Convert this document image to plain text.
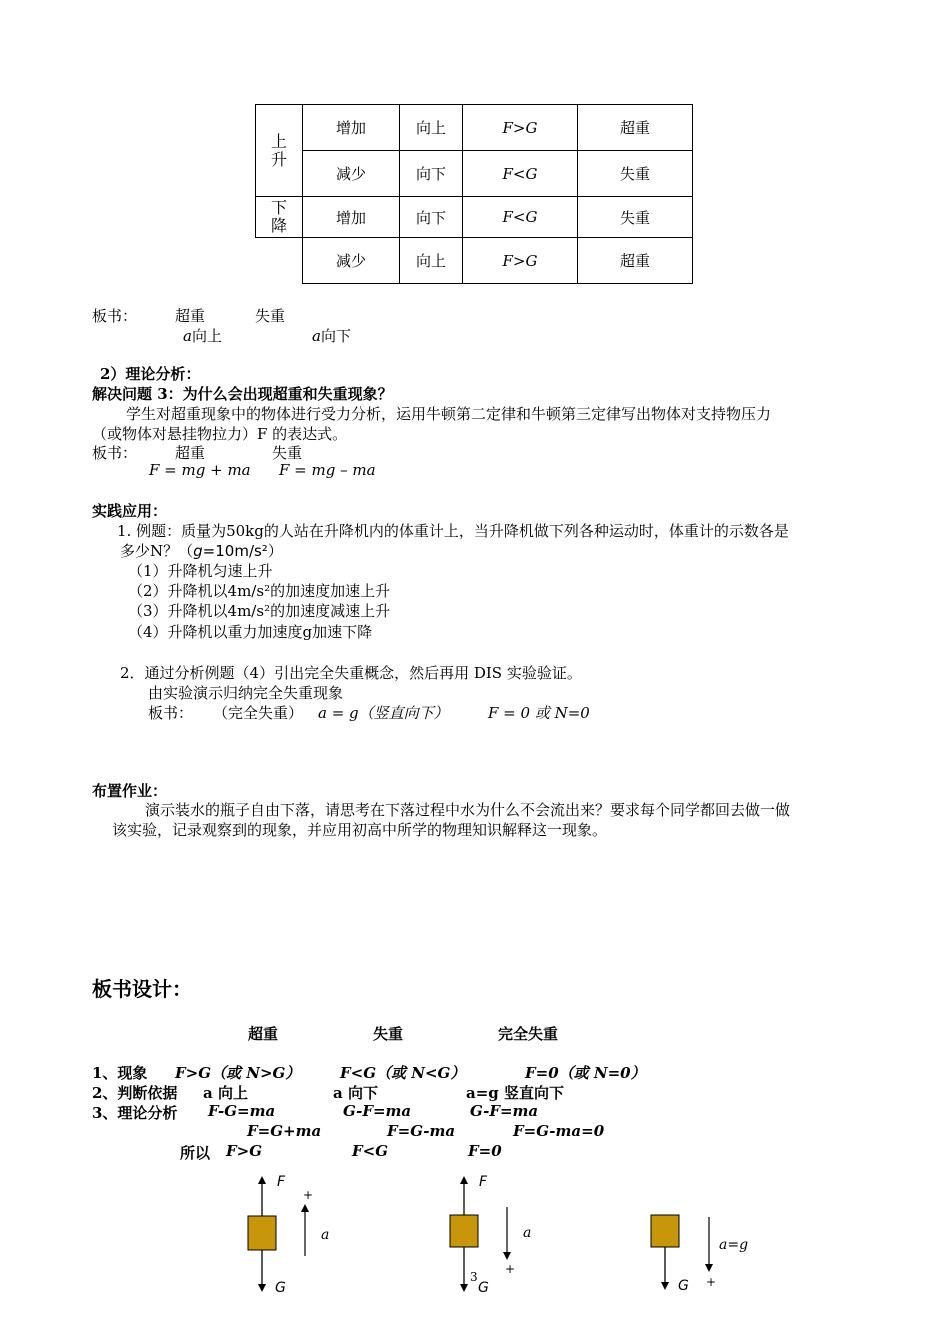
上升	增加	向上	F>G	超重
	减少	向下	F<G	失重
下降	增加	向下	F<G	失重
	减少	向上	F>G	超重
板书：	超重	失重
a向上	a向下
2）理论分析：
解决问题 3：为什么会出现超重和失重现象？
学生对超重现象中的物体进行受力分析，运用牛顿第二定律和牛顿第三定律写出物体对支持物压力
（或物体对悬挂物拉力）F 的表达式。
板书：	超重	失重
F = mg + ma F = mg – ma
实践应用：
1. 例题：质量为50kg的人站在升降机内的体重计上，当升降机做下列各种运动时，体重计的示数各是
多少N？（g=10m/s²）
（1）升降机匀速上升
（2）升降机以4m/s²的加速度加速上升
（3）升降机以4m/s²的加速度减速上升
（4）升降机以重力加速度g加速下降
2．通过分析例题（4）引出完全失重概念，然后再用 DIS 实验验证。
由实验演示归纳完全失重现象
板书： （完全失重） a = g（竖直向下）	F = 0 或 N=0
布置作业：
演示装水的瓶子自由下落，请思考在下落过程中水为什么不会流出来？要求每个同学都回去做一做
该实验，记录观察到的现象，并应用初高中所学的物理知识解释这一现象。
板书设计：
超重	失重	完全失重
1、现象 F>G（或 N>G）	F<G（或 N<G）	F=0（或 N=0）
2、判断依据 a 向上	a 向下	a=g 竖直向下
3、理论分析 F-G=ma	G-F=ma	G-F=ma
F=G+ma	F=G-ma	F=G-ma=0
所以 F>G	F<G	F=0
F
+
a
G
F
a
+
3
G
a=g
G +
